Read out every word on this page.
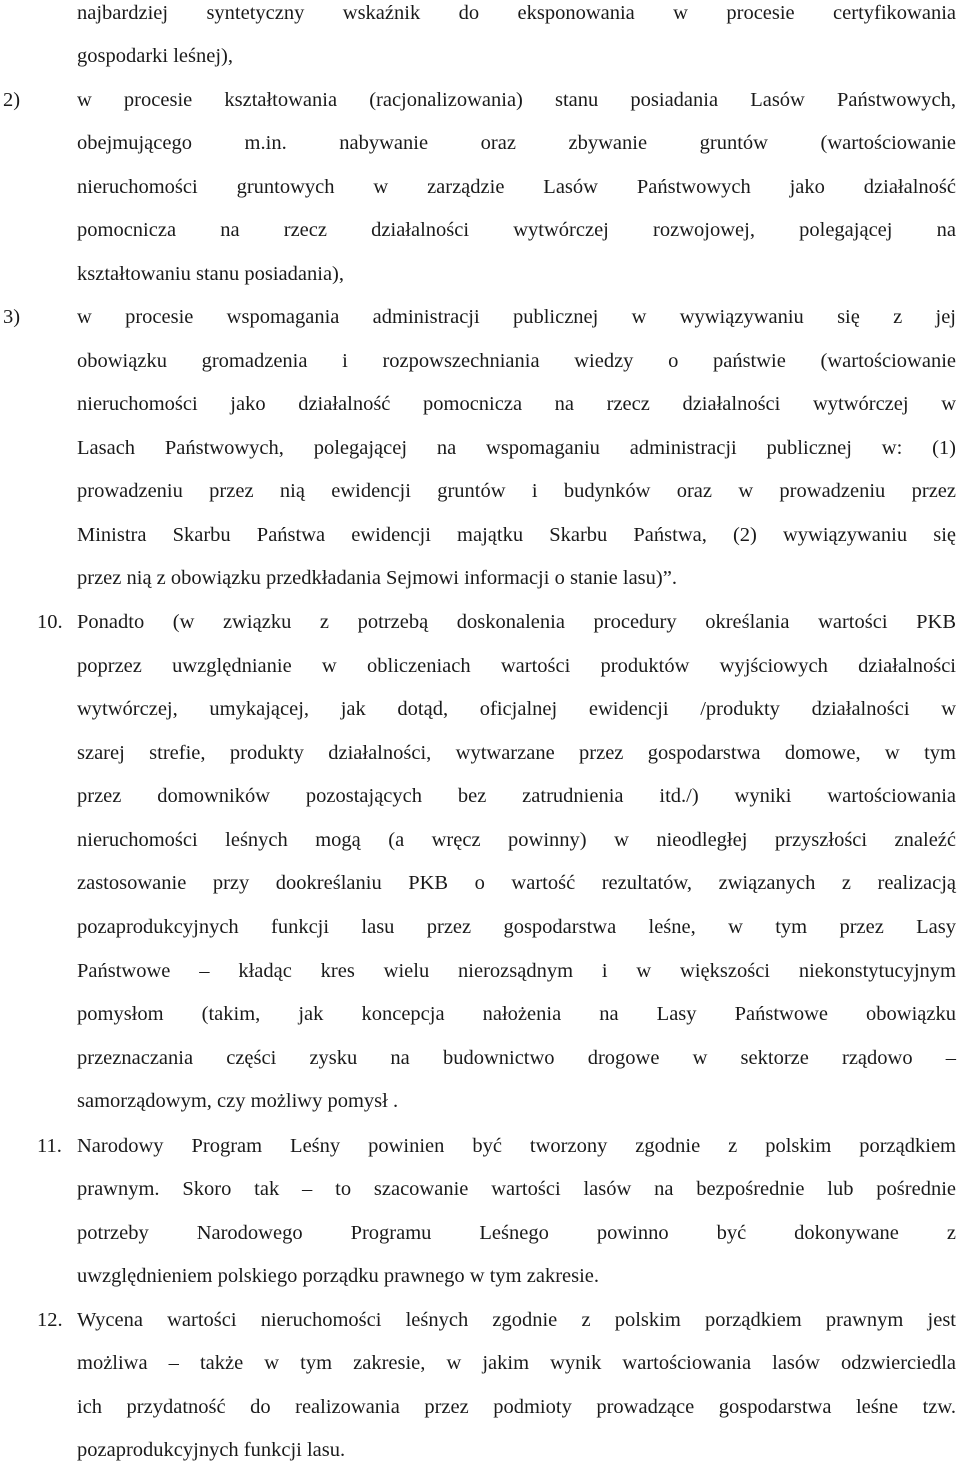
2)
3)
10.
11.
12.
najbardziej syntetyczny wskaźnik do eksponowania w procesie certyfikowania
gospodarki leśnej),
w procesie kształtowania (racjonalizowania) stanu posiadania Lasów Państwowych,
obejmującego m.in. nabywanie oraz zbywanie gruntów (wartościowanie
nieruchomości gruntowych w zarządzie Lasów Państwowych jako działalność
pomocnicza na rzecz działalności wytwórczej rozwojowej, polegającej na
kształtowaniu stanu posiadania),
w procesie wspomagania administracji publicznej w wywiązywaniu się z jej
obowiązku gromadzenia i rozpowszechniania wiedzy o państwie (wartościowanie
nieruchomości jako działalność pomocnicza na rzecz działalności wytwórczej w
Lasach Państwowych, polegającej na wspomaganiu administracji publicznej w: (1)
prowadzeniu przez nią ewidencji gruntów i budynków oraz w prowadzeniu przez
Ministra Skarbu Państwa ewidencji majątku Skarbu Państwa, (2) wywiązywaniu się
przez nią z obowiązku przedkładania Sejmowi informacji o stanie lasu)”.
Ponadto (w związku z potrzebą doskonalenia procedury określania wartości PKB
poprzez uwzględnianie w obliczeniach wartości produktów wyjściowych działalności
wytwórczej, umykającej, jak dotąd, oficjalnej ewidencji /produkty działalności w
szarej strefie, produkty działalności, wytwarzane przez gospodarstwa domowe, w tym
przez domowników pozostających bez zatrudnienia itd./) wyniki wartościowania
nieruchomości leśnych mogą (a wręcz powinny) w nieodległej przyszłości znaleźć
zastosowanie przy dookreślaniu PKB o wartość rezultatów, związanych z realizacją
pozaprodukcyjnych funkcji lasu przez gospodarstwa leśne, w tym przez Lasy
Państwowe – kładąc kres wielu nierozsądnym i w większości niekonstytucyjnym
pomysłom (takim, jak koncepcja nałożenia na Lasy Państwowe obowiązku
przeznaczania części zysku na budownictwo drogowe w sektorze rządowo –
samorządowym, czy możliwy pomysł .
Narodowy Program Leśny powinien być tworzony zgodnie z polskim porządkiem
prawnym. Skoro tak – to szacowanie wartości lasów na bezpośrednie lub pośrednie
potrzeby Narodowego Programu Leśnego powinno być dokonywane z
uwzględnieniem polskiego porządku prawnego w tym zakresie.
Wycena wartości nieruchomości leśnych zgodnie z polskim porządkiem prawnym jest
możliwa – także w tym zakresie, w jakim wynik wartościowania lasów odzwierciedla
ich przydatność do realizowania przez podmioty prowadzące gospodarstwa leśne tzw.
pozaprodukcyjnych funkcji lasu.
